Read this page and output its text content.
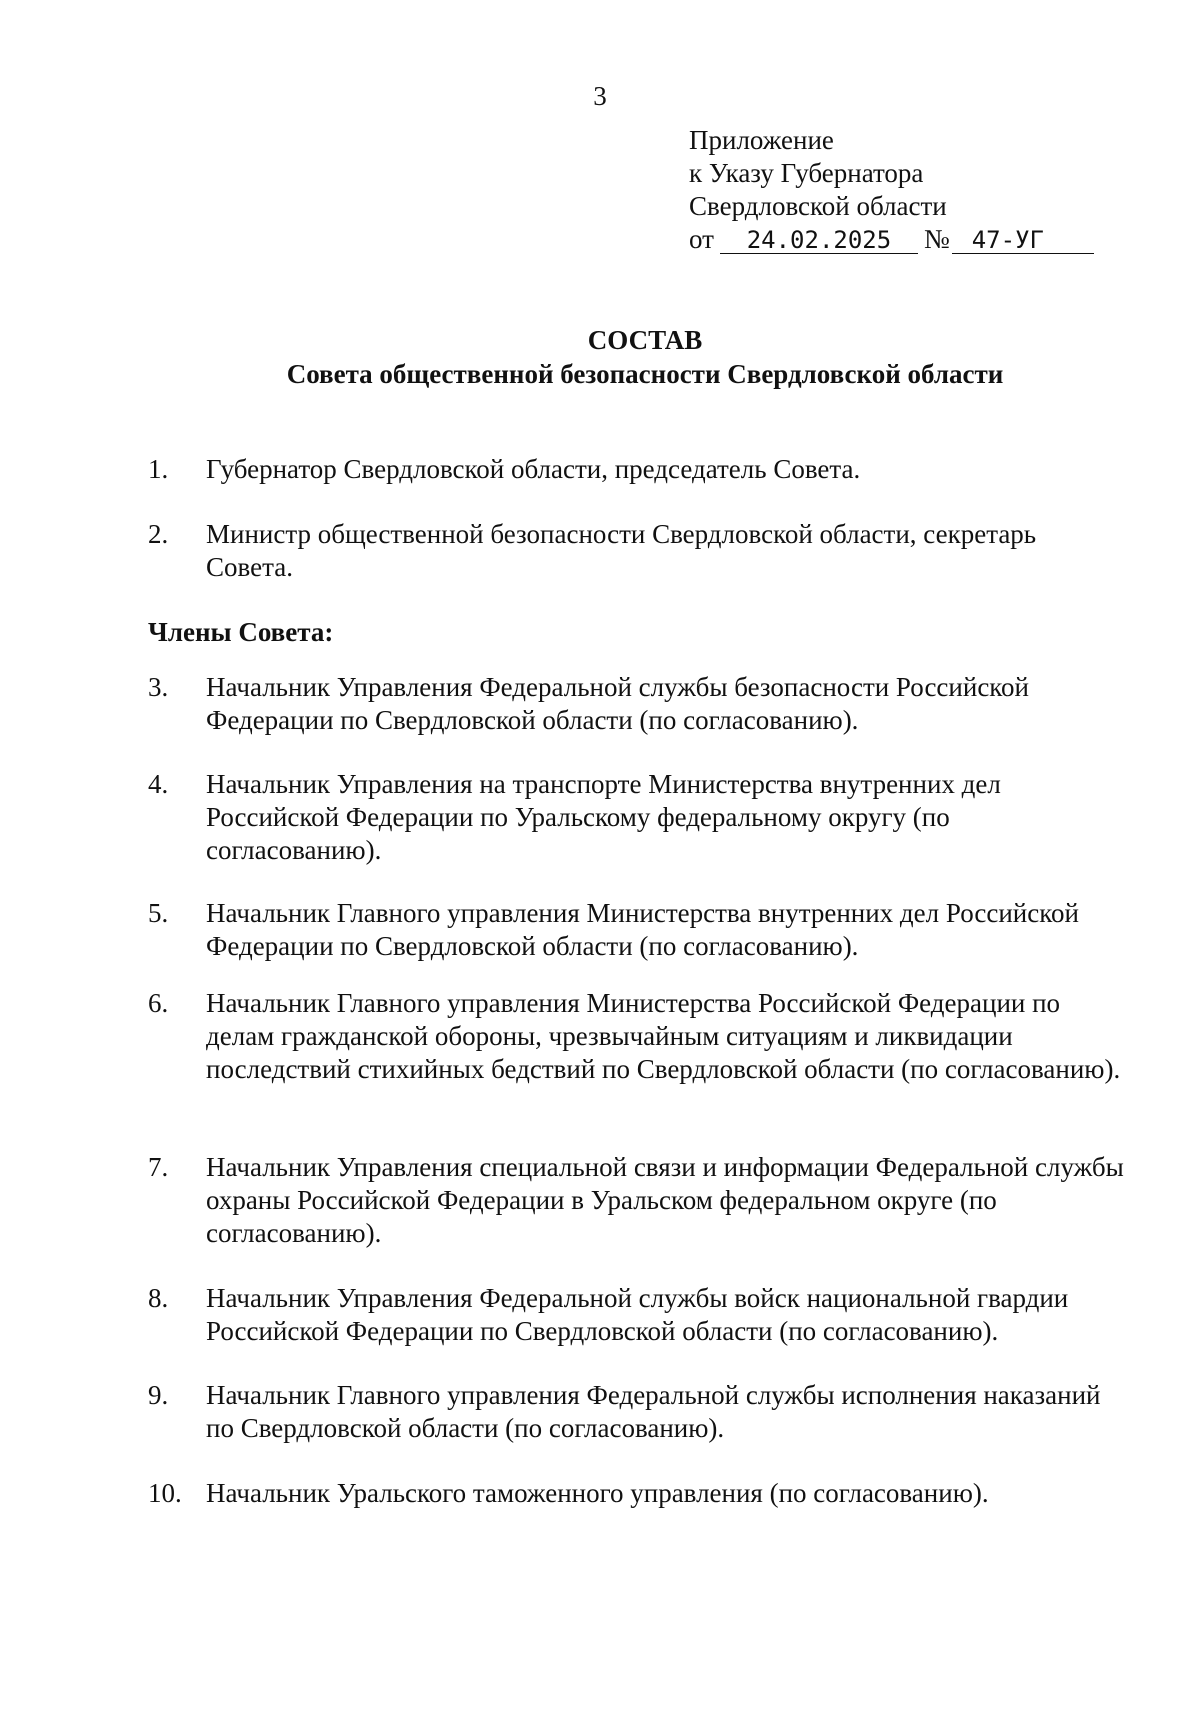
3
Приложение
к Указу Губернатора
Свердловской области
от 24.02.2025 № 47-УГ
СОСТАВ
Совета общественной безопасности Свердловской области
1. Губернатор Свердловской области, председатель Совета.
2. Министр общественной безопасности Свердловской области, секретарь Совета.
Члены Совета:
3. Начальник Управления Федеральной службы безопасности Российской Федерации по Свердловской области (по согласованию).
4. Начальник Управления на транспорте Министерства внутренних дел Российской Федерации по Уральскому федеральному округу (по согласованию).
5. Начальник Главного управления Министерства внутренних дел Российской Федерации по Свердловской области (по согласованию).
6. Начальник Главного управления Министерства Российской Федерации по делам гражданской обороны, чрезвычайным ситуациям и ликвидации последствий стихийных бедствий по Свердловской области (по согласованию).
7. Начальник Управления специальной связи и информации Федеральной службы охраны Российской Федерации в Уральском федеральном округе (по согласованию).
8. Начальник Управления Федеральной службы войск национальной гвардии Российской Федерации по Свердловской области (по согласованию).
9. Начальник Главного управления Федеральной службы исполнения наказаний по Свердловской области (по согласованию).
10. Начальник Уральского таможенного управления (по согласованию).
